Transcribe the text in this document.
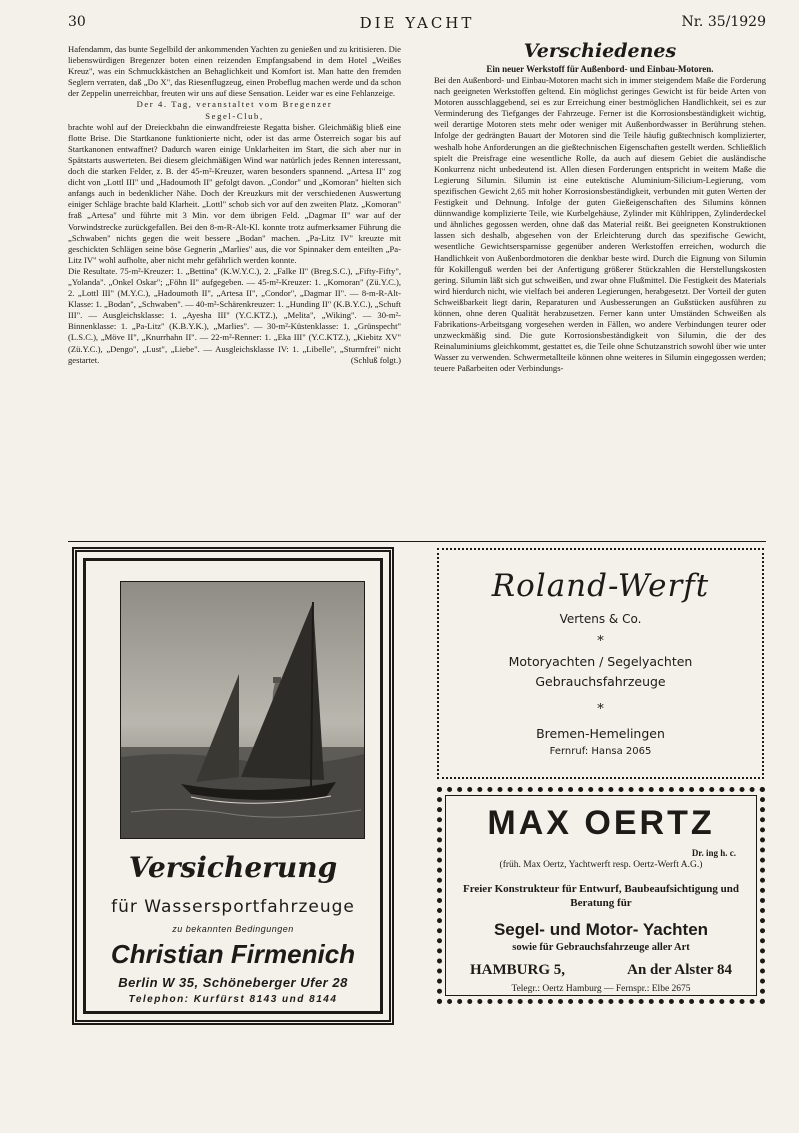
30	DIE YACHT	Nr. 35/1929

Hafendamm, das bunte Segelbild der ankommenden Yachten zu genießen und zu kritisieren. Die liebenswürdigen Bregenzer boten einen reizenden Empfangsabend in dem Hotel „Weißes Kreuz", was ein Schmuckkästchen an Behaglichkeit und Komfort ist. Man hatte den fremden Seglern verraten, daß „Do X", das Riesenflugzeug, einen Probeflug machen werde und da schon der Zeppelin unerreichbar, freuten wir uns auf diese Sensation. Leider war es eine Fehlanzeige.

Der 4. Tag, veranstaltet vom Bregenzer

Segel-Club,

brachte wohl auf der Dreieckbahn die einwandfreieste Regatta bisher. Gleichmäßig bließ eine flotte Brise. Die Startkanone funktionierte nicht, oder ist das arme Österreich sogar bis auf Startkanonen entwaffnet? Dadurch waren einige Unklarheiten im Start, die sich aber nur in Spätstarts auswerteten. Bei diesem gleichmäßigen Wind war natürlich jedes Rennen interessant, doch die starken Felder, z. B. der 45-m²-Kreuzer, waren besonders spannend. „Artesa II" zog dicht von „Lottl III" und „Hadoumoth II" gefolgt davon. „Condor" und „Komoran" hielten sich anfangs auch in bedenklicher Nähe. Doch der Kreuzkurs mit der verschiedenen Auswertung einiger Schläge brachte bald Klarheit. „Lottl" schob sich vor auf den zweiten Platz. „Komoran" fraß „Artesa" und führte mit 3 Min. vor dem übrigen Feld. „Dagmar II" war auf der Vorwindstrecke zurückgefallen. Bei den 8-m-R-Alt-Kl. konnte trotz aufmerksamer Führung die „Schwaben" nichts gegen die weit bessere „Bodan" machen. „Pa-Litz IV" kreuzte mit geschickten Schlägen seine böse Gegnerin „Marlies" aus, die vor Spinnaker dem enteilten „Pa-Litz IV" wohl aufholte, aber nicht mehr gefährlich werden konnte.

Die Resultate. 75-m²-Kreuzer: 1. „Bettina" (K.W.Y.C.), 2. „Falke II" (Breg.S.C.), „Fifty-Fifty", „Yolanda". „Onkel Oskar"; „Föhn II" aufgegeben. — 45-m²-Kreuzer: 1. „Komoran" (Zü.Y.C.), 2. „Lottl III" (M.Y.C.), „Hadoumoth II", „Artesa II", „Condor", „Dagmar II". — 8-m-R-Alt-Klasse: 1. „Bodan", „Schwaben". — 40-m²-Schärenkreuzer: 1. „Hunding II" (K.B.Y.C.), „Schuft III". — Ausgleichsklasse: 1. „Ayesha III" (Y.C.KTZ.), „Melita", „Wiking". — 30-m²-Binnenklasse: 1. „Pa-Litz" (K.B.Y.K.), „Marlies". — 30-m²-Küstenklasse: 1. „Grünspecht" (L.S.C.), „Möve II", „Knurrhahn II". — 22-m²-Renner: 1. „Eka III" (Y.C.KTZ.), „Kiebitz XV" (Zü.Y.C.), „Dengo", „Lust", „Liebe". — Ausgleichsklasse IV: 1. „Libelle", „Sturmfrei" nicht gestartet.	(Schluß folgt.)

Verschiedenes
Ein neuer Werkstoff für Außenbord- und Einbau-Motoren.

Bei den Außenbord- und Einbau-Motoren macht sich in immer steigendem Maße die Forderung nach geeigneten Werkstoffen geltend. Ein möglichst geringes Gewicht ist für beide Arten von Motoren ausschlaggebend, sei es zur Erreichung einer bestmöglichen Handlichkeit, sei es zur Verminderung des Tiefganges der Fahrzeuge. Ferner ist die Korrosionsbeständigkeit wichtig, weil derartige Motoren stets mehr oder weniger mit Außenbordwasser in Berührung stehen. Infolge der gedrängten Bauart der Motoren sind die Teile häufig gußtechnisch komplizierter, weshalb hohe Anforderungen an die gießtechnischen Eigenschaften gestellt werden. Schließlich spielt die Preisfrage eine wesentliche Rolle, da auch auf diesem Gebiet die ausländische Konkurrenz nicht unbedeutend ist. Allen diesen Forderungen entspricht in weitem Maße die Legierung Silumin. Silumin ist eine eutektische Aluminium-Silicium-Legierung, vom spezifischen Gewicht 2,65 mit hoher Korrosionsbeständigkeit, verbunden mit guten Werten der Festigkeit und Dehnung. Infolge der guten Gießeigenschaften des Silumins können dünnwandige komplizierte Teile, wie Kurbelgehäuse, Zylinder mit Kühlrippen, Zylinderdeckel und ähnliches gegossen werden, ohne daß das Material reißt. Bei geeigneten Konstruktionen lassen sich deshalb, abgesehen von der Erleichterung durch das spezifische Gewicht, wesentliche Gewichtsersparnisse gegenüber anderen Werkstoffen erreichen, wodurch die Handlichkeit von Außenbordmotoren die denkbar beste wird. Durch die Eignung von Silumin für Kokillenguß werden bei der Anfertigung größerer Stückzahlen die Herstellungskosten gering. Silumin läßt sich gut schweißen, und zwar ohne Flußmittel. Die Festigkeit des Materials wird hierdurch nicht, wie vielfach bei anderen Legierungen, herabgesetzt. Der Vorteil der guten Schweißbarkeit liegt darin, Reparaturen und Ausbesserungen an Gußstücken ausführen zu können, ohne deren Qualität herabzusetzen. Ferner kann unter Umständen Schweißen als Fabrikations-Arbeitsgang vorgesehen werden in Fällen, wo andere Verbindungen teurer oder unzweckmäßig sind. Die gute Korrosionsbeständigkeit von Silumin, die der des Reinaluminiums gleichkommt, gestattet es, die Teile ohne Schutzanstrich sowohl über wie unter Wasser zu verwenden. Schwermetallteile können ohne weiteres in Silumin eingegossen werden; teuere Paßarbeiten oder Verbindungs-

Versicherung
für Wassersportfahrzeuge
zu bekannten Bedingungen
Christian Firmenich
Berlin W 35, Schöneberger Ufer 28
Telephon: Kurfürst 8143 und 8144
Roland-Werft
Vertens & Co.
*
Motoryachten / Segelyachten
Gebrauchsfahrzeuge
*
Bremen-Hemelingen
Fernruf: Hansa 2065
MAX OERTZ
Dr. ing h. c.
(früh. Max Oertz, Yachtwerft resp. Oertz-Werft A.G.)
Freier Konstrukteur für Entwurf, Baubeaufsichtigung und Beratung für
Segel- und Motor- Yachten
sowie für Gebrauchsfahrzeuge aller Art
HAMBURG 5,	An der Alster 84
Telegr.: Oertz Hamburg — Fernspr.: Elbe 2675
